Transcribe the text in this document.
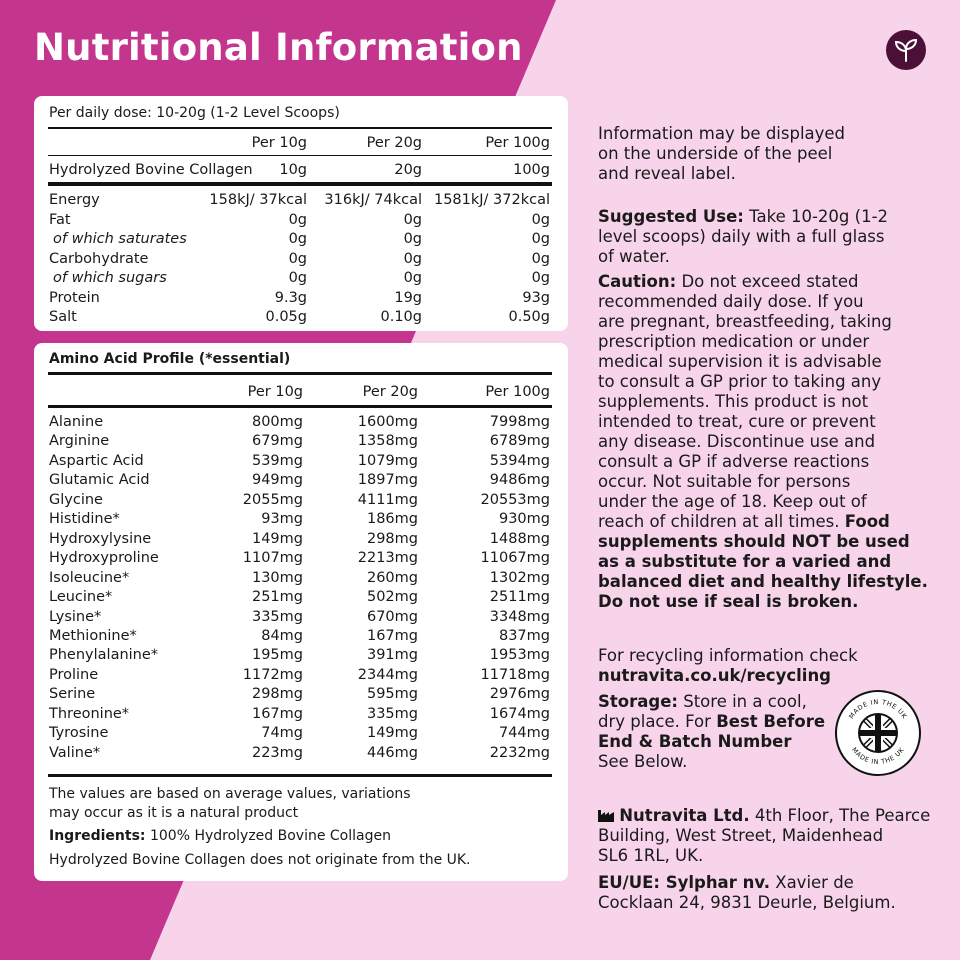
Nutritional Information
Per daily dose: 10-20g (1-2 Level Scoops)
Per 10g	Per 20g	Per 100g
Hydrolyzed Bovine Collagen 10g	20g	100g
Energy	158kJ/ 37kcal 316kJ/ 74kcal 1581kJ/ 372kcal
Fat	0g	0g	0g
of which saturates	0g	0g	0g
Carbohydrate	0g	0g	0g
of which sugars	0g	0g	0g
Protein	9.3g	19g	93g
Salt	0.05g	0.10g	0.50g
Amino Acid Profile (*essential)
Per 10g	Per 20g	Per 100g
Alanine	800mg	1600mg	7998mg
Arginine	679mg	1358mg	6789mg
Aspartic Acid	539mg	1079mg	5394mg
Glutamic Acid	949mg	1897mg	9486mg
Glycine	2055mg	4111mg	20553mg
Histidine*	93mg	186mg	930mg
Hydroxylysine	149mg	298mg	1488mg
Hydroxyproline	1107mg	2213mg	11067mg
Isoleucine*	130mg	260mg	1302mg
Leucine*	251mg	502mg	2511mg
Lysine*	335mg	670mg	3348mg
Methionine*	84mg	167mg	837mg
Phenylalanine*	195mg	391mg	1953mg
Proline	1172mg	2344mg	11718mg
Serine	298mg	595mg	2976mg
Threonine*	167mg	335mg	1674mg
Tyrosine	74mg	149mg	744mg
Valine*	223mg	446mg	2232mg
The values are based on average values, variations
may occur as it is a natural product
Ingredients: 100% Hydrolyzed Bovine Collagen
Hydrolyzed Bovine Collagen does not originate from the UK.
Information may be displayed
on the underside of the peel
and reveal label.
Suggested Use: Take 10-20g (1-2
level scoops) daily with a full glass
of water.
Caution: Do not exceed stated
recommended daily dose. If you
are pregnant, breastfeeding, taking
prescription medication or under
medical supervision it is advisable
to consult a GP prior to taking any
supplements. This product is not
intended to treat, cure or prevent
any disease. Discontinue use and
consult a GP if adverse reactions
occur. Not suitable for persons
under the age of 18. Keep out of
reach of children at all times. Food
supplements should NOT be used
as a substitute for a varied and
balanced diet and healthy lifestyle.
Do not use if seal is broken.
For recycling information check
nutravita.co.uk/recycling
Storage: Store in a cool,
dry place. For Best Before
End & Batch Number
See Below.
MADE IN THE UK
MADE IN THE UK
Nutravita Ltd. 4th Floor, The Pearce
Building, West Street, Maidenhead
SL6 1RL, UK.
EU/UE: Sylphar nv. Xavier de
Cocklaan 24, 9831 Deurle, Belgium.
